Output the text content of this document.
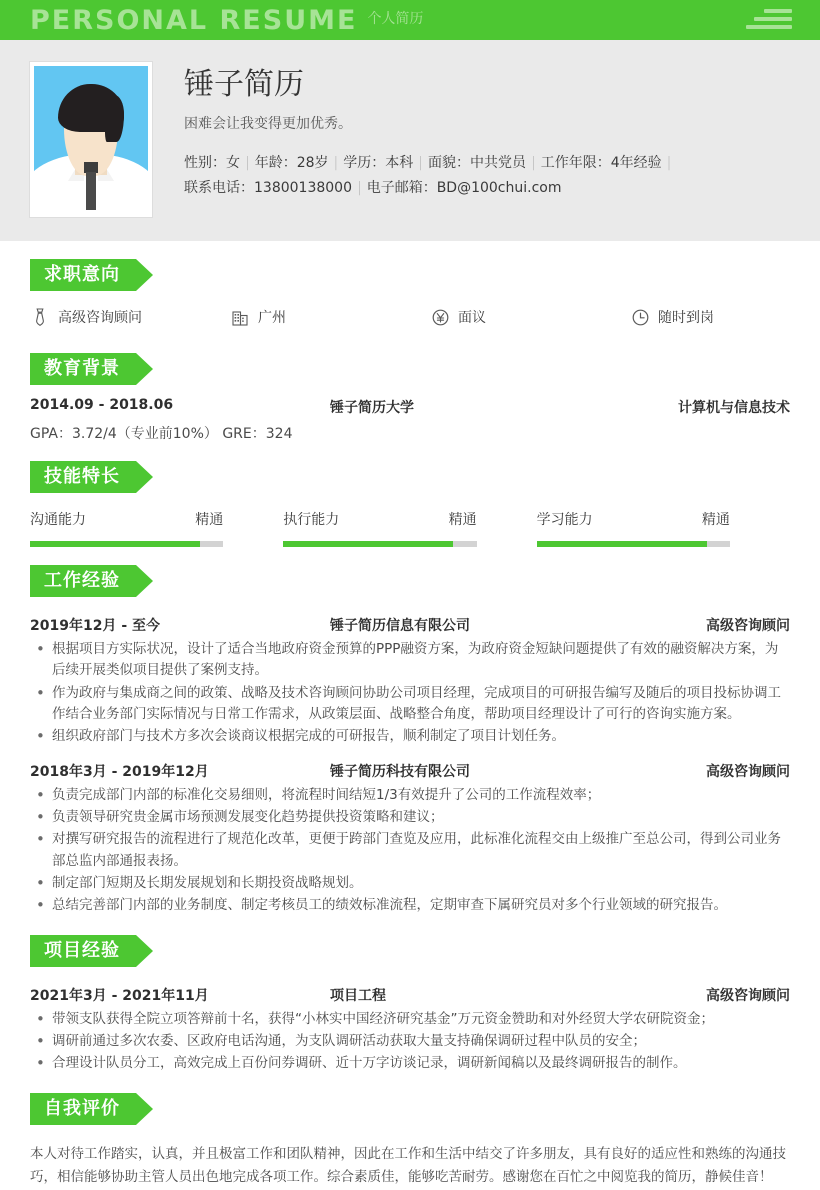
PERSONAL RESUME 个人简历
锤子简历
困难会让我变得更加优秀。
性别：女 | 年龄：28岁 | 学历：本科 | 面貌：中共党员 | 工作年限：4年经验 |
联系电话：13800138000 | 电子邮箱：BD@100chui.com
求职意向
高级咨询顾问	广州	面议	随时到岗
教育背景
2014.09 - 2018.06	锤子简历大学	计算机与信息技术
GPA：3.72/4（专业前10%） GRE：324
技能特长
沟通能力	精通	执行能力	精通	学习能力	精通
工作经验
2019年12月 - 至今	锤子简历信息有限公司	高级咨询顾问
• 根据项目方实际状况，设计了适合当地政府资金预算的PPP融资方案，为政府资金短缺问题提供了有效的融资解决方案，为后续开展类似项目提供了案例支持。
• 作为政府与集成商之间的政策、战略及技术咨询顾问协助公司项目经理，完成项目的可研报告编写及随后的项目投标协调工作结合业务部门实际情况与日常工作需求，从政策层面、战略整合角度，帮助项目经理设计了可行的咨询实施方案。
• 组织政府部门与技术方多次会谈商议根据完成的可研报告，顺利制定了项目计划任务。
2018年3月 - 2019年12月	锤子简历科技有限公司	高级咨询顾问
• 负责完成部门内部的标准化交易细则，将流程时间结短1/3有效提升了公司的工作流程效率；
• 负责领导研究贵金属市场预测发展变化趋势提供投资策略和建议；
• 对撰写研究报告的流程进行了规范化改革，更便于跨部门查览及应用，此标准化流程交由上级推广至总公司，得到公司业务部总监内部通报表扬。
• 制定部门短期及长期发展规划和长期投资战略规划。
• 总结完善部门内部的业务制度、制定考核员工的绩效标准流程，定期审查下属研究员对多个行业领域的研究报告。
项目经验
2021年3月 - 2021年11月	项目工程	高级咨询顾问
• 带领支队获得全院立项答辩前十名，获得“小林实中国经济研究基金”万元资金赞助和对外经贸大学农研院资金；
• 调研前通过多次农委、区政府电话沟通，为支队调研活动获取大量支持确保调研过程中队员的安全；
• 合理设计队员分工，高效完成上百份问券调研、近十万字访谈记录，调研新闻稿以及最终调研报告的制作。
自我评价
本人对待工作踏实，认真，并且极富工作和团队精神，因此在工作和生活中结交了许多朋友，具有良好的适应性和熟练的沟通技巧，相信能够协助主管人员出色地完成各项工作。综合素质佳，能够吃苦耐劳。感谢您在百忙之中阅览我的简历，静候佳音！
